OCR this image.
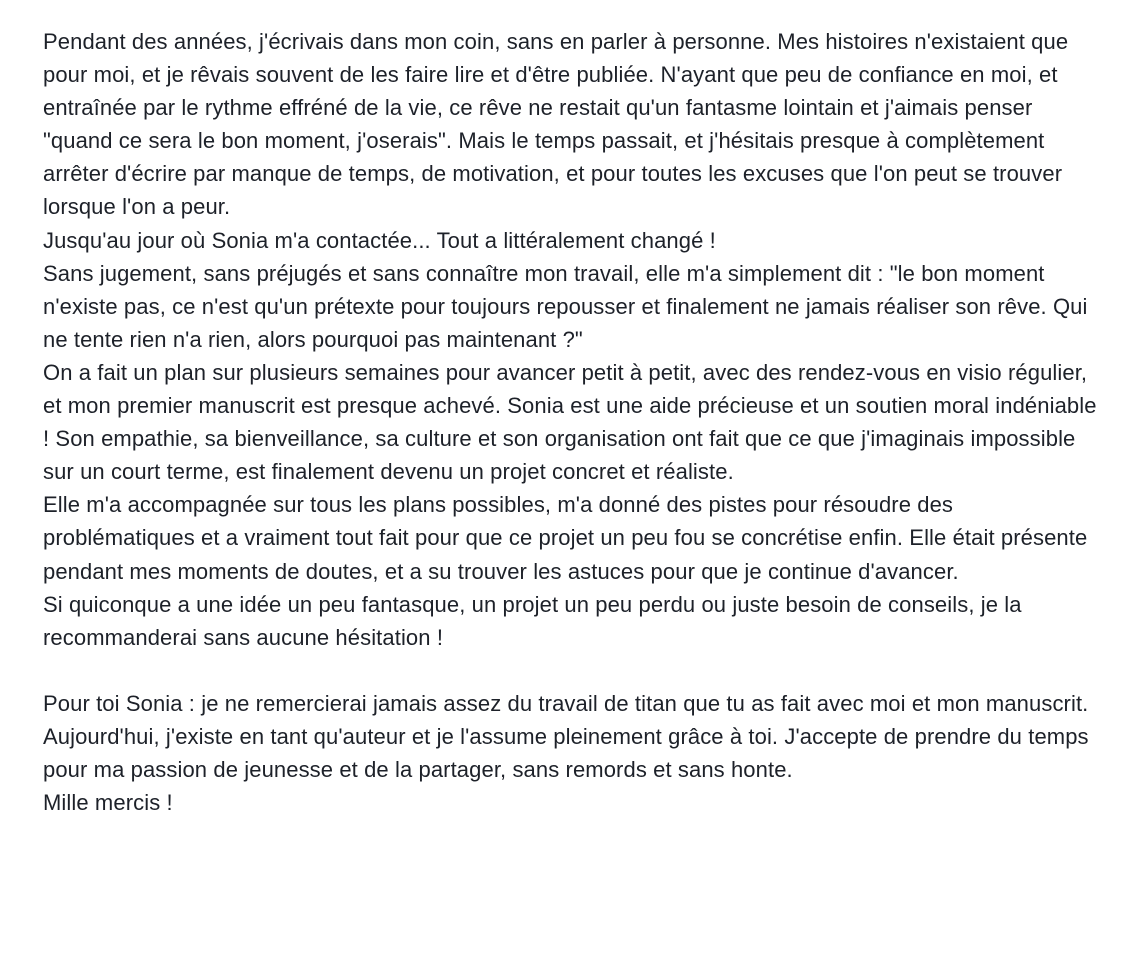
Pendant des années, j'écrivais dans mon coin, sans en parler à personne. Mes histoires n'existaient que pour moi, et je rêvais souvent de les faire lire et d'être publiée. N'ayant que peu de confiance en moi, et entraînée par le rythme effréné de la vie, ce rêve ne restait qu'un fantasme lointain et j'aimais penser "quand ce sera le bon moment, j'oserais". Mais le temps passait, et j'hésitais presque à complètement arrêter d'écrire par manque de temps, de motivation, et pour toutes les excuses que l'on peut se trouver lorsque l'on a peur.

Jusqu'au jour où Sonia m'a contactée... Tout a littéralement changé !

Sans jugement, sans préjugés et sans connaître mon travail, elle m'a simplement dit : "le bon moment n'existe pas, ce n'est qu'un prétexte pour toujours repousser et finalement ne jamais réaliser son rêve. Qui ne tente rien n'a rien, alors pourquoi pas maintenant ?"

On a fait un plan sur plusieurs semaines pour avancer petit à petit, avec des rendez-vous en visio régulier, et mon premier manuscrit est presque achevé. Sonia est une aide précieuse et un soutien moral indéniable ! Son empathie, sa bienveillance, sa culture et son organisation ont fait que ce que j'imaginais impossible sur un court terme, est finalement devenu un projet concret et réaliste.

Elle m'a accompagnée sur tous les plans possibles, m'a donné des pistes pour résoudre des problématiques et a vraiment tout fait pour que ce projet un peu fou se concrétise enfin. Elle était présente pendant mes moments de doutes, et a su trouver les astuces pour que je continue d'avancer.

Si quiconque a une idée un peu fantasque, un projet un peu perdu ou juste besoin de conseils, je la recommanderai sans aucune hésitation !

Pour toi Sonia : je ne remercierai jamais assez du travail de titan que tu as fait avec moi et mon manuscrit. Aujourd'hui, j'existe en tant qu'auteur et je l'assume pleinement grâce à toi. J'accepte de prendre du temps pour ma passion de jeunesse et de la partager, sans remords et sans honte.

Mille mercis !
